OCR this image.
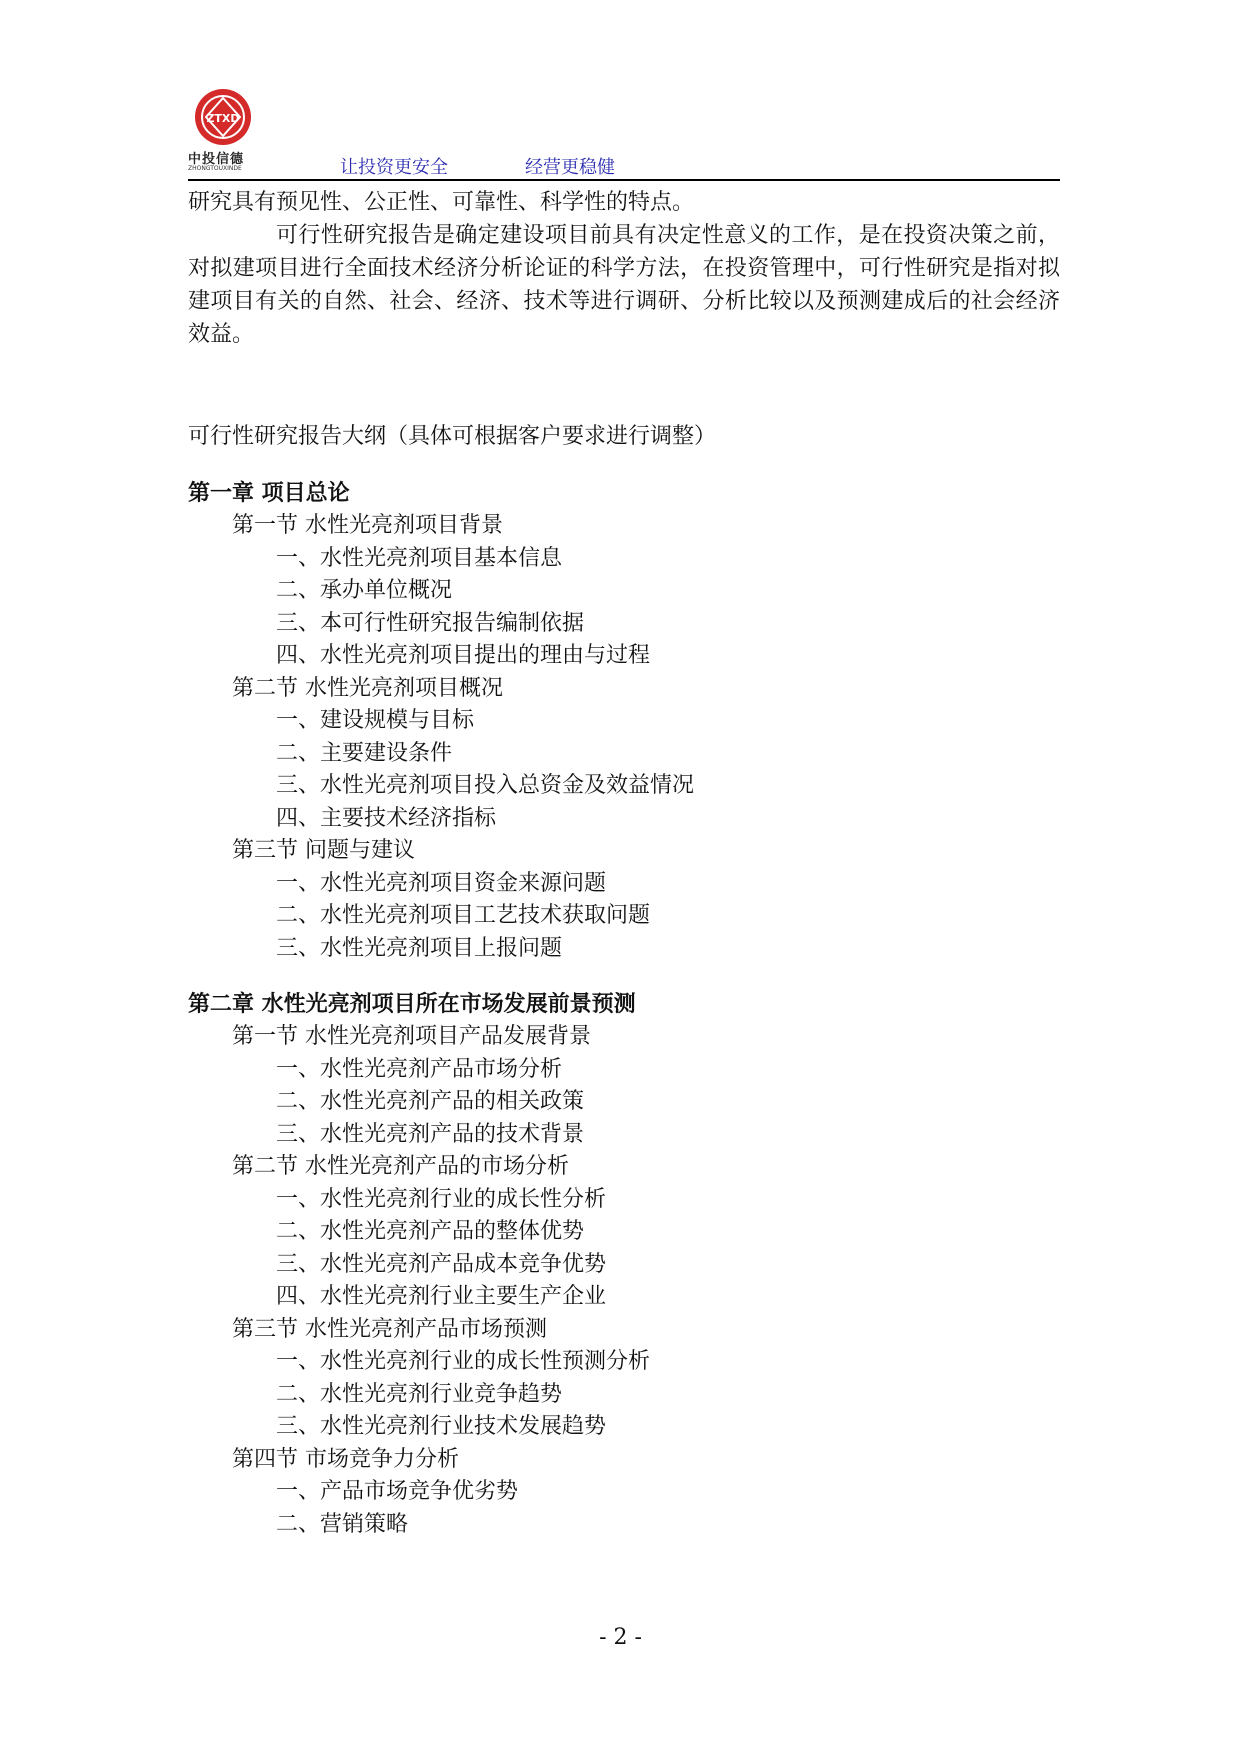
ZTXD
中投信德
ZHONGTOUXINDE	让投资更安全	经营更稳健

研究具有预见性、公正性、可靠性、科学性的特点。

可行性研究报告是确定建设项目前具有决定性意义的工作，是在投资决策之前，对拟建项目进行全面技术经济分析论证的科学方法，在投资管理中，可行性研究是指对拟建项目有关的自然、社会、经济、技术等进行调研、分析比较以及预测建成后的社会经济效益。

可行性研究报告大纲（具体可根据客户要求进行调整）
第一章 项目总论
第一节 水性光亮剂项目背景
一、水性光亮剂项目基本信息
二、承办单位概况
三、本可行性研究报告编制依据
四、水性光亮剂项目提出的理由与过程
第二节 水性光亮剂项目概况
一、建设规模与目标
二、主要建设条件
三、水性光亮剂项目投入总资金及效益情况
四、主要技术经济指标
第三节 问题与建议
一、水性光亮剂项目资金来源问题
二、水性光亮剂项目工艺技术获取问题
三、水性光亮剂项目上报问题
第二章 水性光亮剂项目所在市场发展前景预测
第一节 水性光亮剂项目产品发展背景
一、水性光亮剂产品市场分析
二、水性光亮剂产品的相关政策
三、水性光亮剂产品的技术背景
第二节 水性光亮剂产品的市场分析
一、水性光亮剂行业的成长性分析
二、水性光亮剂产品的整体优势
三、水性光亮剂产品成本竞争优势
四、水性光亮剂行业主要生产企业
第三节 水性光亮剂产品市场预测
一、水性光亮剂行业的成长性预测分析
二、水性光亮剂行业竞争趋势
三、水性光亮剂行业技术发展趋势
第四节 市场竞争力分析
一、产品市场竞争优劣势
二、营销策略
- 2 -
